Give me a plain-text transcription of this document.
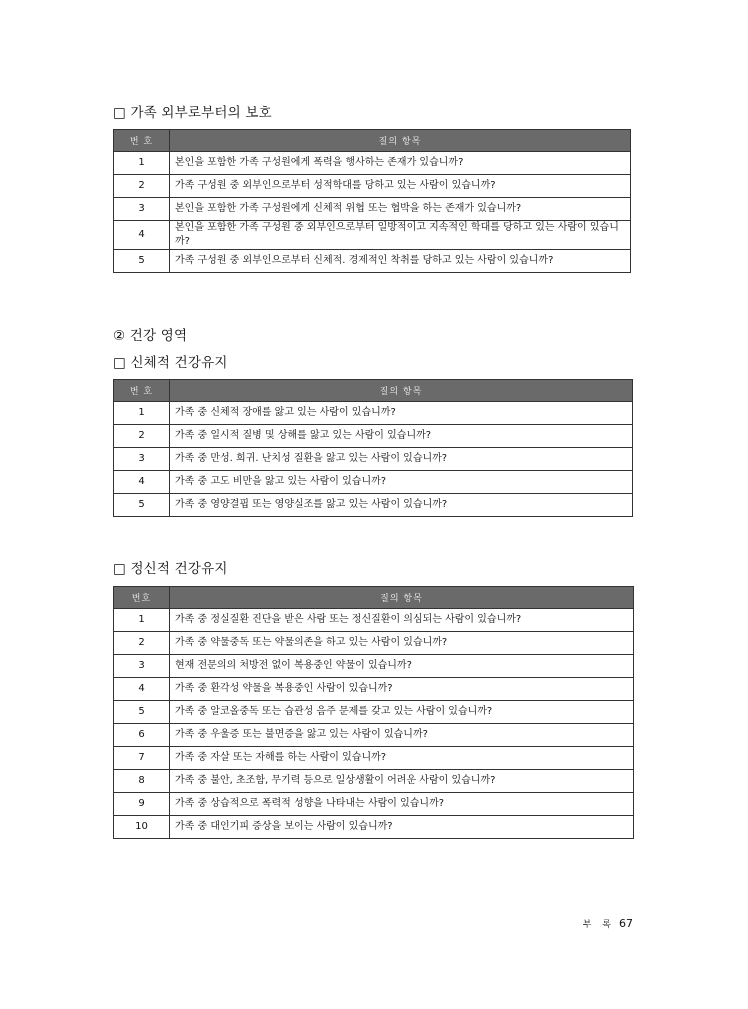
□ 가족 외부로부터의 보호
번 호	질의 항목
1	본인을 포함한 가족 구성원에게 폭력을 행사하는 존재가 있습니까?
2	가족 구성원 중 외부인으로부터 성적학대를 당하고 있는 사람이 있습니까?
3	본인을 포함한 가족 구성원에게 신체적 위협 또는 협박을 하는 존재가 있습니까?
4	본인을 포함한 가족 구성원 중 외부인으로부터 일방적이고 지속적인 학대를 당하고 있는 사람이 있습니까?
5	가족 구성원 중 외부인으로부터 신체적. 경제적인 착취를 당하고 있는 사람이 있습니까?
② 건강 영역
□ 신체적 건강유지
번 호	질의 항목
1	가족 중 신체적 장애를 앓고 있는 사람이 있습니까?
2	가족 중 일시적 질병 및 상해를 앓고 있는 사람이 있습니까?
3	가족 중 만성. 희귀. 난치성 질환을 앓고 있는 사람이 있습니까?
4	가족 중 고도 비만을 앓고 있는 사람이 있습니까?
5	가족 중 영양결핍 또는 영양실조를 앓고 있는 사람이 있습니까?
□ 정신적 건강유지
번호	질의 항목
1	가족 중 정실질환 진단을 받은 사람 또는 정신질환이 의심되는 사람이 있습니까?
2	가족 중 약물중독 또는 약물의존을 하고 있는 사람이 있습니까?
3	현재 전문의의 처방전 없이 복용중인 약물이 있습니까?
4	가족 중 환각성 약물을 복용중인 사람이 있습니까?
5	가족 중 알코올중독 또는 습관성 음주 문제를 갖고 있는 사람이 있습니까?
6	가족 중 우울증 또는 불면증을 앓고 있는 사람이 있습니까?
7	가족 중 자살 또는 자해를 하는 사람이 있습니까?
8	가족 중 불안, 초조함, 무기력 등으로 일상생활이 어려운 사람이 있습니까?
9	가족 중 상습적으로 폭력적 성향을 나타내는 사람이 있습니까?
10	가족 중 대인기피 증상을 보이는 사람이 있습니까?
부 록 67
